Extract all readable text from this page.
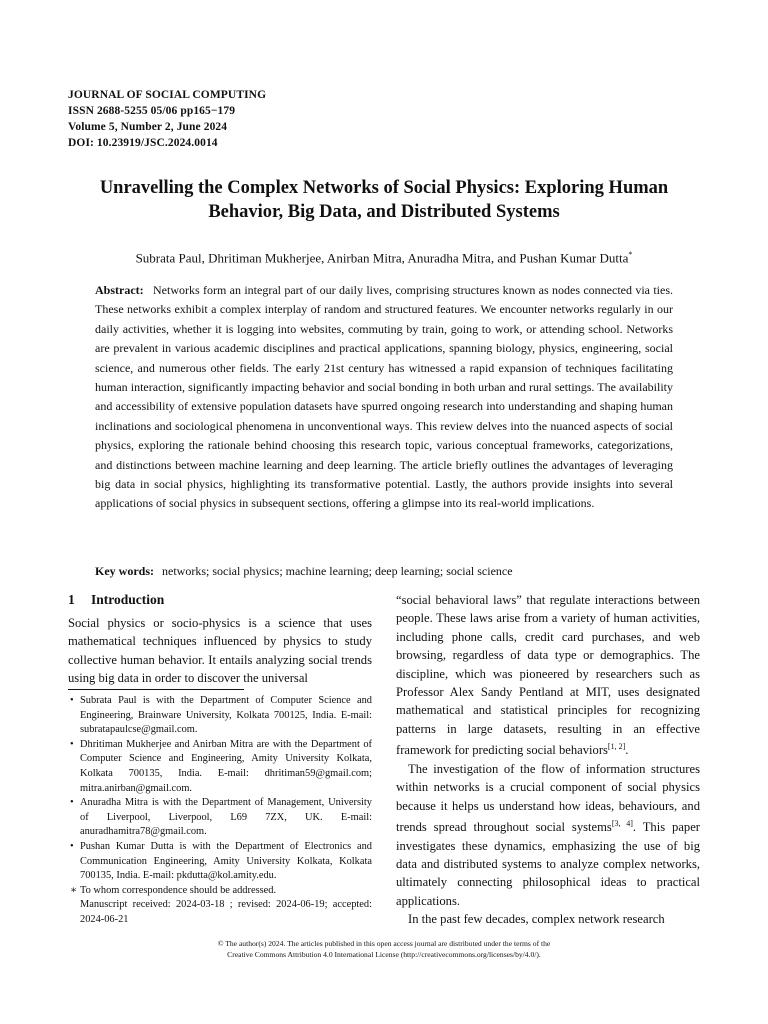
JOURNAL OF SOCIAL COMPUTING
ISSN 2688-5255 05/06 pp165−179
Volume 5, Number 2, June 2024
DOI: 10.23919/JSC.2024.0014
Unravelling the Complex Networks of Social Physics: Exploring Human Behavior, Big Data, and Distributed Systems
Subrata Paul, Dhritiman Mukherjee, Anirban Mitra, Anuradha Mitra, and Pushan Kumar Dutta*
Abstract: Networks form an integral part of our daily lives, comprising structures known as nodes connected via ties. These networks exhibit a complex interplay of random and structured features. We encounter networks regularly in our daily activities, whether it is logging into websites, commuting by train, going to work, or attending school. Networks are prevalent in various academic disciplines and practical applications, spanning biology, physics, engineering, social science, and numerous other fields. The early 21st century has witnessed a rapid expansion of techniques facilitating human interaction, significantly impacting behavior and social bonding in both urban and rural settings. The availability and accessibility of extensive population datasets have spurred ongoing research into understanding and shaping human inclinations and sociological phenomena in unconventional ways. This review delves into the nuanced aspects of social physics, exploring the rationale behind choosing this research topic, various conceptual frameworks, categorizations, and distinctions between machine learning and deep learning. The article briefly outlines the advantages of leveraging big data in social physics, highlighting its transformative potential. Lastly, the authors provide insights into several applications of social physics in subsequent sections, offering a glimpse into its real-world implications.
Key words: networks; social physics; machine learning; deep learning; social science
1 Introduction

Social physics or socio-physics is a science that uses mathematical techniques influenced by physics to study collective human behavior. It entails analyzing social trends using big data in order to discover the universal

• Subrata Paul is with the Department of Computer Science and Engineering, Brainware University, Kolkata 700125, India. E-mail: subratapaulcse@gmail.com.
• Dhritiman Mukherjee and Anirban Mitra are with the Department of Computer Science and Engineering, Amity University Kolkata, Kolkata 700135, India. E-mail: dhritiman59@gmail.com; mitra.anirban@gmail.com.
• Anuradha Mitra is with the Department of Management, University of Liverpool, Liverpool, L69 7ZX, UK. E-mail: anuradhamitra78@gmail.com.
• Pushan Kumar Dutta is with the Department of Electronics and Communication Engineering, Amity University Kolkata, Kolkata 700135, India. E-mail: pkdutta@kol.amity.edu.
∗ To whom correspondence should be addressed.
Manuscript received: 2024-03-18 ; revised: 2024-06-19; accepted: 2024-06-21

“social behavioral laws” that regulate interactions between people. These laws arise from a variety of human activities, including phone calls, credit card purchases, and web browsing, regardless of data type or demographics. The discipline, which was pioneered by researchers such as Professor Alex Sandy Pentland at MIT, uses designated mathematical and statistical principles for recognizing patterns in large datasets, resulting in an effective framework for predicting social behaviors[1, 2].

The investigation of the flow of information structures within networks is a crucial component of social physics because it helps us understand how ideas, behaviours, and trends spread throughout social systems[3, 4]. This paper investigates these dynamics, emphasizing the use of big data and distributed systems to analyze complex networks, ultimately connecting philosophical ideas to practical applications.

In the past few decades, complex network research

© The author(s) 2024. The articles published in this open access journal are distributed under the terms of the
Creative Commons Attribution 4.0 International License (http://creativecommons.org/licenses/by/4.0/).
